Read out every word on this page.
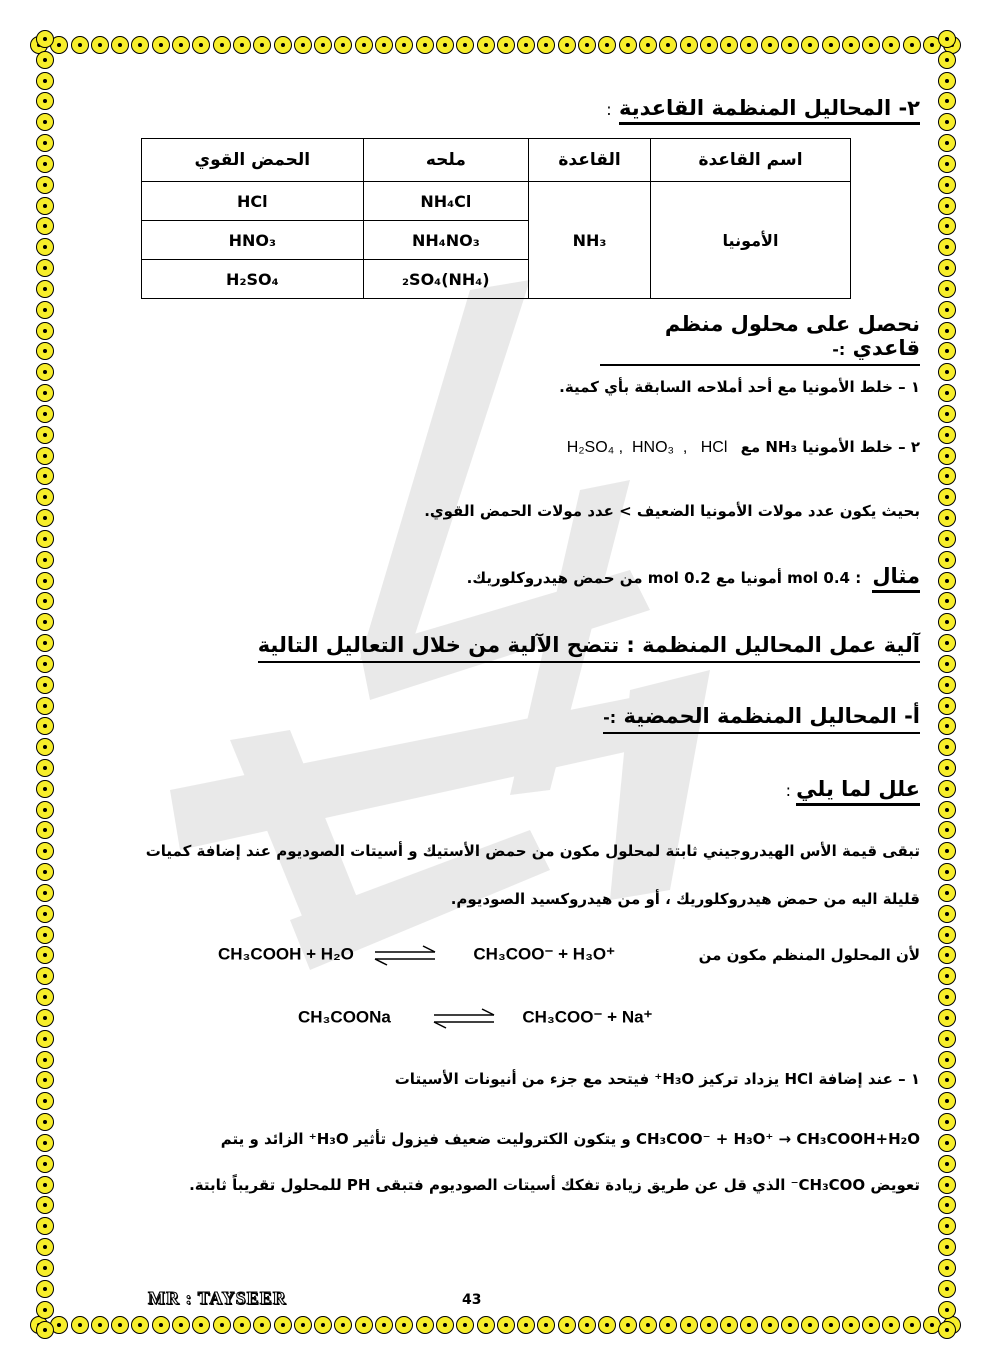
٢- المحاليل المنظمة القاعدية :
اسم القاعدة	القاعدة	ملحه	الحمض القوي
الأمونيا	NH₃	NH₄Cl	HCl
		NH₄NO₃	HNO₃
		(NH₄)₂SO₄	H₂SO₄
نحصل على محلول منظم قاعدي :-
١ – خلط الأمونيا مع أحد أملاحه السابقة بأي كمية.
٢ – خلط الأمونيا NH₃ مع H₂SO₄ ,  HNO₃  ,   HCl
بحيث يكون عدد مولات الأمونيا الضعيف > عدد مولات الحمض القوي.
مثال : 0.4 mol أمونيا مع 0.2 mol من حمض هيدروكلوريك.
آلية عمل المحاليل المنظمة : تتضح الآلية من خلال التعاليل التالية
أ- المحاليل المنظمة الحمضية :-
علل لما يلي :
تبقى قيمة الأس الهيدروجيني ثابتة لمحلول مكون من حمض الأستيك و أسيتات الصوديوم عند إضافة كميات
قليلة اليه من حمض هيدروكلوريك ، أو من هيدروكسيد الصوديوم.
لأن المحلول المنظم مكون من
CH₃COOH + H₂O ⇌ CH₃COO⁻ + H₃O⁺
CH₃COONa	CH₃COO⁻ + Na⁺
١ – عند إضافة HCl يزداد تركيز H₃O⁺ فيتحد مع جزء من أنيونات الأسيتات
CH₃COO⁻ + H₃O⁺ → CH₃COOH+H₂O و يتكون الكتروليت ضعيف فيزول تأثير H₃O⁺ الزائد و يتم
تعويض CH₃COO⁻ الذي قل عن طريق زيادة تفكك أسيتات الصوديوم فتبقى PH للمحلول تقريباً ثابتة.
MR : TAYSEER	43
